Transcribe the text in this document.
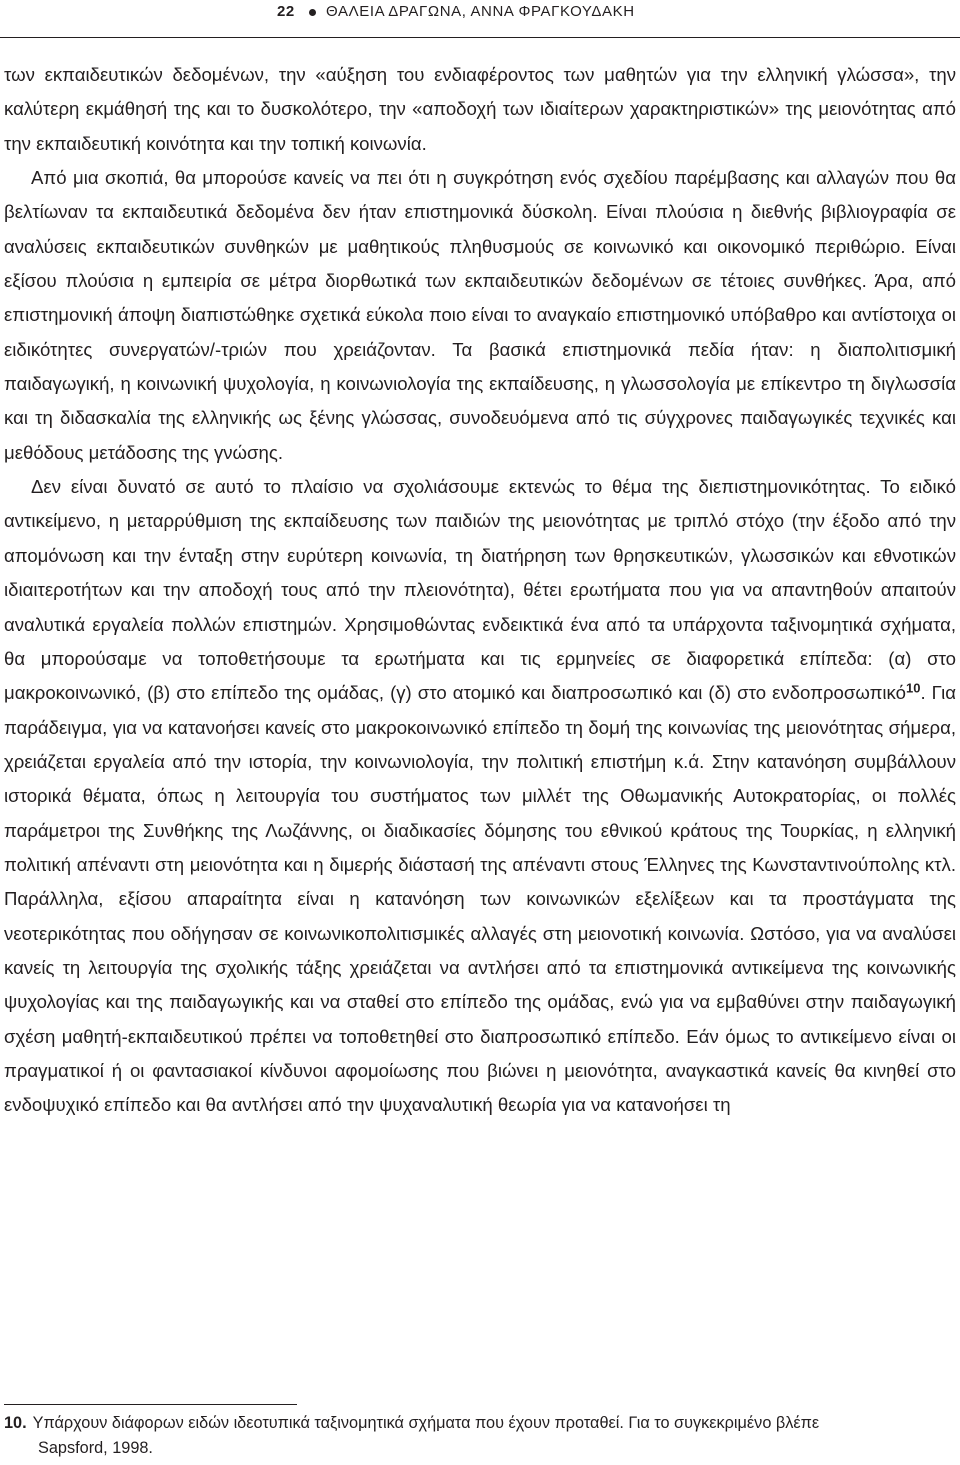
22 ΘΑΛΕΙΑ ΔΡΑΓΩΝΑ, ΑΝΝΑ ΦΡΑΓΚΟΥΔΑΚΗ

των εκπαιδευτικών δεδομένων, την «αύξηση του ενδιαφέροντος των μαθητών για την ελληνική γλώσσα», την καλύτερη εκμάθησή της και το δυσκολότερο, την «αποδοχή των ιδιαίτερων χαρακτηριστικών» της μειονότητας από την εκπαιδευτική κοινότητα και την τοπική κοινωνία.

Από μια σκοπιά, θα μπορούσε κανείς να πει ότι η συγκρότηση ενός σχεδίου παρέμβασης και αλλαγών που θα βελτίωναν τα εκπαιδευτικά δεδομένα δεν ήταν επιστημονικά δύσκολη. Είναι πλούσια η διεθνής βιβλιογραφία σε αναλύσεις εκπαιδευτικών συνθηκών με μαθητικούς πληθυσμούς σε κοινωνικό και οικονομικό περιθώριο. Είναι εξίσου πλούσια η εμπειρία σε μέτρα διορθωτικά των εκπαιδευτικών δεδομένων σε τέτοιες συνθήκες. Άρα, από επιστημονική άποψη διαπιστώθηκε σχετικά εύκολα ποιο είναι το αναγκαίο επιστημονικό υπόβαθρο και αντίστοιχα οι ειδικότητες συνεργατών/-τριών που χρειάζονταν. Τα βασικά επιστημονικά πεδία ήταν: η διαπολιτισμική παιδαγωγική, η κοινωνική ψυχολογία, η κοινωνιολογία της εκπαίδευσης, η γλωσσολογία με επίκεντρο τη διγλωσσία και τη διδασκαλία της ελληνικής ως ξένης γλώσσας, συνοδευόμενα από τις σύγχρονες παιδαγωγικές τεχνικές και μεθόδους μετάδοσης της γνώσης.

Δεν είναι δυνατό σε αυτό το πλαίσιο να σχολιάσουμε εκτενώς το θέμα της διεπιστημονικότητας. Το ειδικό αντικείμενο, η μεταρρύθμιση της εκπαίδευσης των παιδιών της μειονότητας με τριπλό στόχο (την έξοδο από την απομόνωση και την ένταξη στην ευρύτερη κοινωνία, τη διατήρηση των θρησκευτικών, γλωσσικών και εθνοτικών ιδιαιτεροτήτων και την αποδοχή τους από την πλειονότητα), θέτει ερωτήματα που για να απαντηθούν απαιτούν αναλυτικά εργαλεία πολλών επιστημών. Χρησιμοθώντας ενδεικτικά ένα από τα υπάρχοντα ταξινομητικά σχήματα, θα μπορούσαμε να τοποθετήσουμε τα ερωτήματα και τις ερμηνείες σε διαφορετικά επίπεδα: (α) στο μακροκοινωνικό, (β) στο επίπεδο της ομάδας, (γ) στο ατομικό και διαπροσωπικό και (δ) στο ενδοπροσωπικό$^{10}$. Για παράδειγμα, για να κατανοήσει κανείς στο μακροκοινωνικό επίπεδο τη δομή της κοινωνίας της μειονότητας σήμερα, χρειάζεται εργαλεία από την ιστορία, την κοινωνιολογία, την πολιτική επιστήμη κ.ά. Στην κατανόηση συμβάλλουν ιστορικά θέματα, όπως η λειτουργία του συστήματος των μιλλέτ της Οθωμανικής Αυτοκρατορίας, οι πολλές παράμετροι της Συνθήκης της Λωζάννης, οι διαδικασίες δόμησης του εθνικού κράτους της Τουρκίας, η ελληνική πολιτική απέναντι στη μειονότητα και η διμερής διάστασή της απέναντι στους Έλληνες της Κωνσταντινούπολης κτλ. Παράλληλα, εξίσου απαραίτητα είναι η κατανόηση των κοινωνικών εξελίξεων και τα προστάγματα της νεοτερικότητας που οδήγησαν σε κοινωνικοπολιτισμικές αλλαγές στη μειονοτική κοινωνία. Ωστόσο, για να αναλύσει κανείς τη λειτουργία της σχολικής τάξης χρειάζεται να αντλήσει από τα επιστημονικά αντικείμενα της κοινωνικής ψυχολογίας και της παιδαγωγικής και να σταθεί στο επίπεδο της ομάδας, ενώ για να εμβαθύνει στην παιδαγωγική σχέση μαθητή-εκπαιδευτικού πρέπει να τοποθετηθεί στο διαπροσωπικό επίπεδο. Εάν όμως το αντικείμενο είναι οι πραγματικοί ή οι φαντασιακοί κίνδυνοι αφομοίωσης που βιώνει η μειονότητα, αναγκαστικά κανείς θα κινηθεί στο ενδοψυχικό επίπεδο και θα αντλήσει από την ψυχαναλυτική θεωρία για να κατανοήσει τη

10. Υπάρχουν διάφορων ειδών ιδεοτυπικά ταξινομητικά σχήματα που έχουν προταθεί. Για το συγκεκριμένο βλέπε
Sapsford, 1998.
